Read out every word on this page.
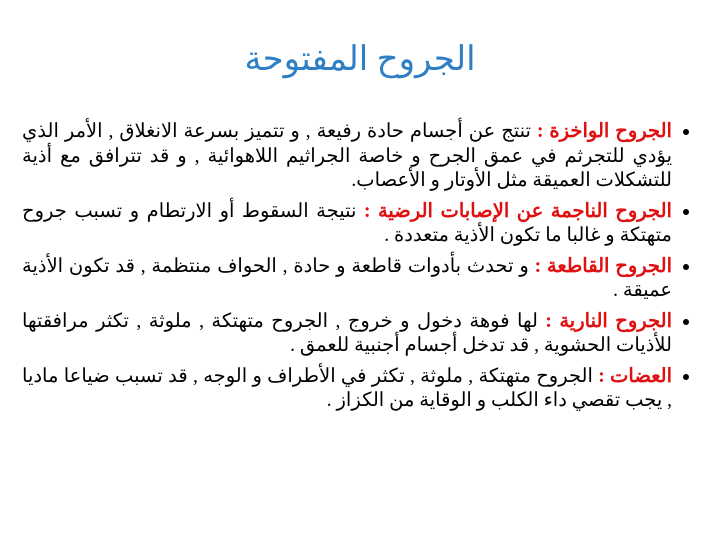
الجروح المفتوحة
الجروح الواخزة : تنتج عن أجسام حادة رفيعة , و تتميز بسرعة الانغلاق , الأمر الذي يؤدي للتجرثم في عمق الجرح و خاصة الجراثيم اللاهوائية , و قد تترافق مع أذية للتشكلات العميقة مثل الأوتار و الأعصاب.
الجروح الناجمة عن الإصابات الرضية : نتيجة السقوط أو الارتطام و تسبب جروح متهتكة و غالبا ما تكون الأذية متعددة .
الجروح القاطعة : و تحدث بأدوات قاطعة و حادة , الحواف منتظمة , قد تكون الأذية عميقة .
الجروح النارية : لها فوهة دخول و خروج , الجروح متهتكة , ملوثة , تكثر مرافقتها للأذيات الحشوية , قد تدخل أجسام أجنبية للعمق .
العضات : الجروح متهتكة , ملوثة , تكثر في الأطراف و الوجه , قد تسبب ضياعا ماديا , يجب تقصي داء الكلب و الوقاية من الكزاز .
